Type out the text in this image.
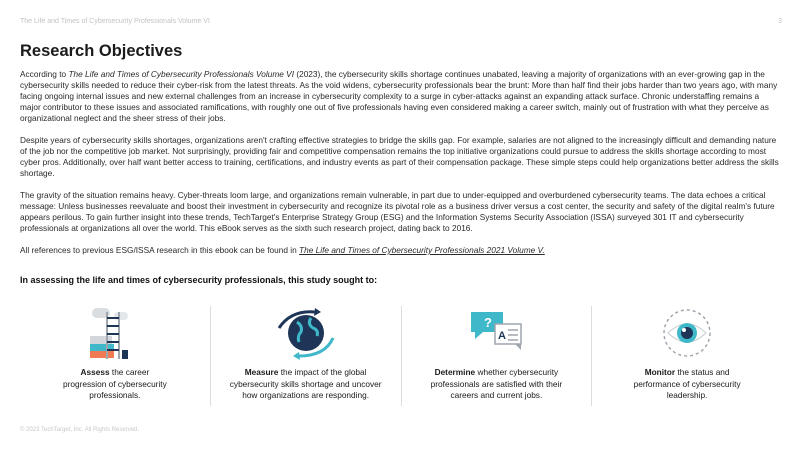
The Life and Times of Cybersecurity Professionals Volume VI	3
Research Objectives

According to The Life and Times of Cybersecurity Professionals Volume VI (2023), the cybersecurity skills shortage continues unabated, leaving a majority of organizations with an ever-growing gap in the cybersecurity skills needed to reduce their cyber-risk from the latest threats. As the void widens, cybersecurity professionals bear the brunt: More than half find their jobs harder than two years ago, with many facing ongoing internal issues and new external challenges from an increase in cybersecurity complexity to a surge in cyber-attacks against an expanding attack surface. Chronic understaffing remains a major contributor to these issues and associated ramifications, with roughly one out of five professionals having even considered making a career switch, mainly out of frustration with what they perceive as organizational neglect and the sheer stress of their jobs.

Despite years of cybersecurity skills shortages, organizations aren't crafting effective strategies to bridge the skills gap. For example, salaries are not aligned to the increasingly difficult and demanding nature of the job nor the competitive job market. Not surprisingly, providing fair and competitive compensation remains the top initiative organizations could pursue to address the skills shortage according to most cyber pros. Additionally, over half want better access to training, certifications, and industry events as part of their compensation package. These simple steps could help organizations better address the skills shortage.

The gravity of the situation remains heavy. Cyber-threats loom large, and organizations remain vulnerable, in part due to under-equipped and overburdened cybersecurity teams. The data echoes a critical message: Unless businesses reevaluate and boost their investment in cybersecurity and recognize its pivotal role as a business driver versus a cost center, the security and safety of the digital realm's future appears perilous. To gain further insight into these trends, TechTarget's Enterprise Strategy Group (ESG) and the Information Systems Security Association (ISSA) surveyed 301 IT and cybersecurity professionals at organizations all over the world. This eBook serves as the sixth such research project, dating back to 2016.

All references to previous ESG/ISSA research in this ebook can be found in The Life and Times of Cybersecurity Professionals 2021 Volume V.

In assessing the life and times of cybersecurity professionals, this study sought to:

Assess the career progression of cybersecurity professionals.
Measure the impact of the global cybersecurity skills shortage and uncover how organizations are responding.
?
A
Determine whether cybersecurity professionals are satisfied with their careers and current jobs.
Monitor the status and performance of cybersecurity leadership.
© 2023 TechTarget, Inc. All Rights Reserved.
